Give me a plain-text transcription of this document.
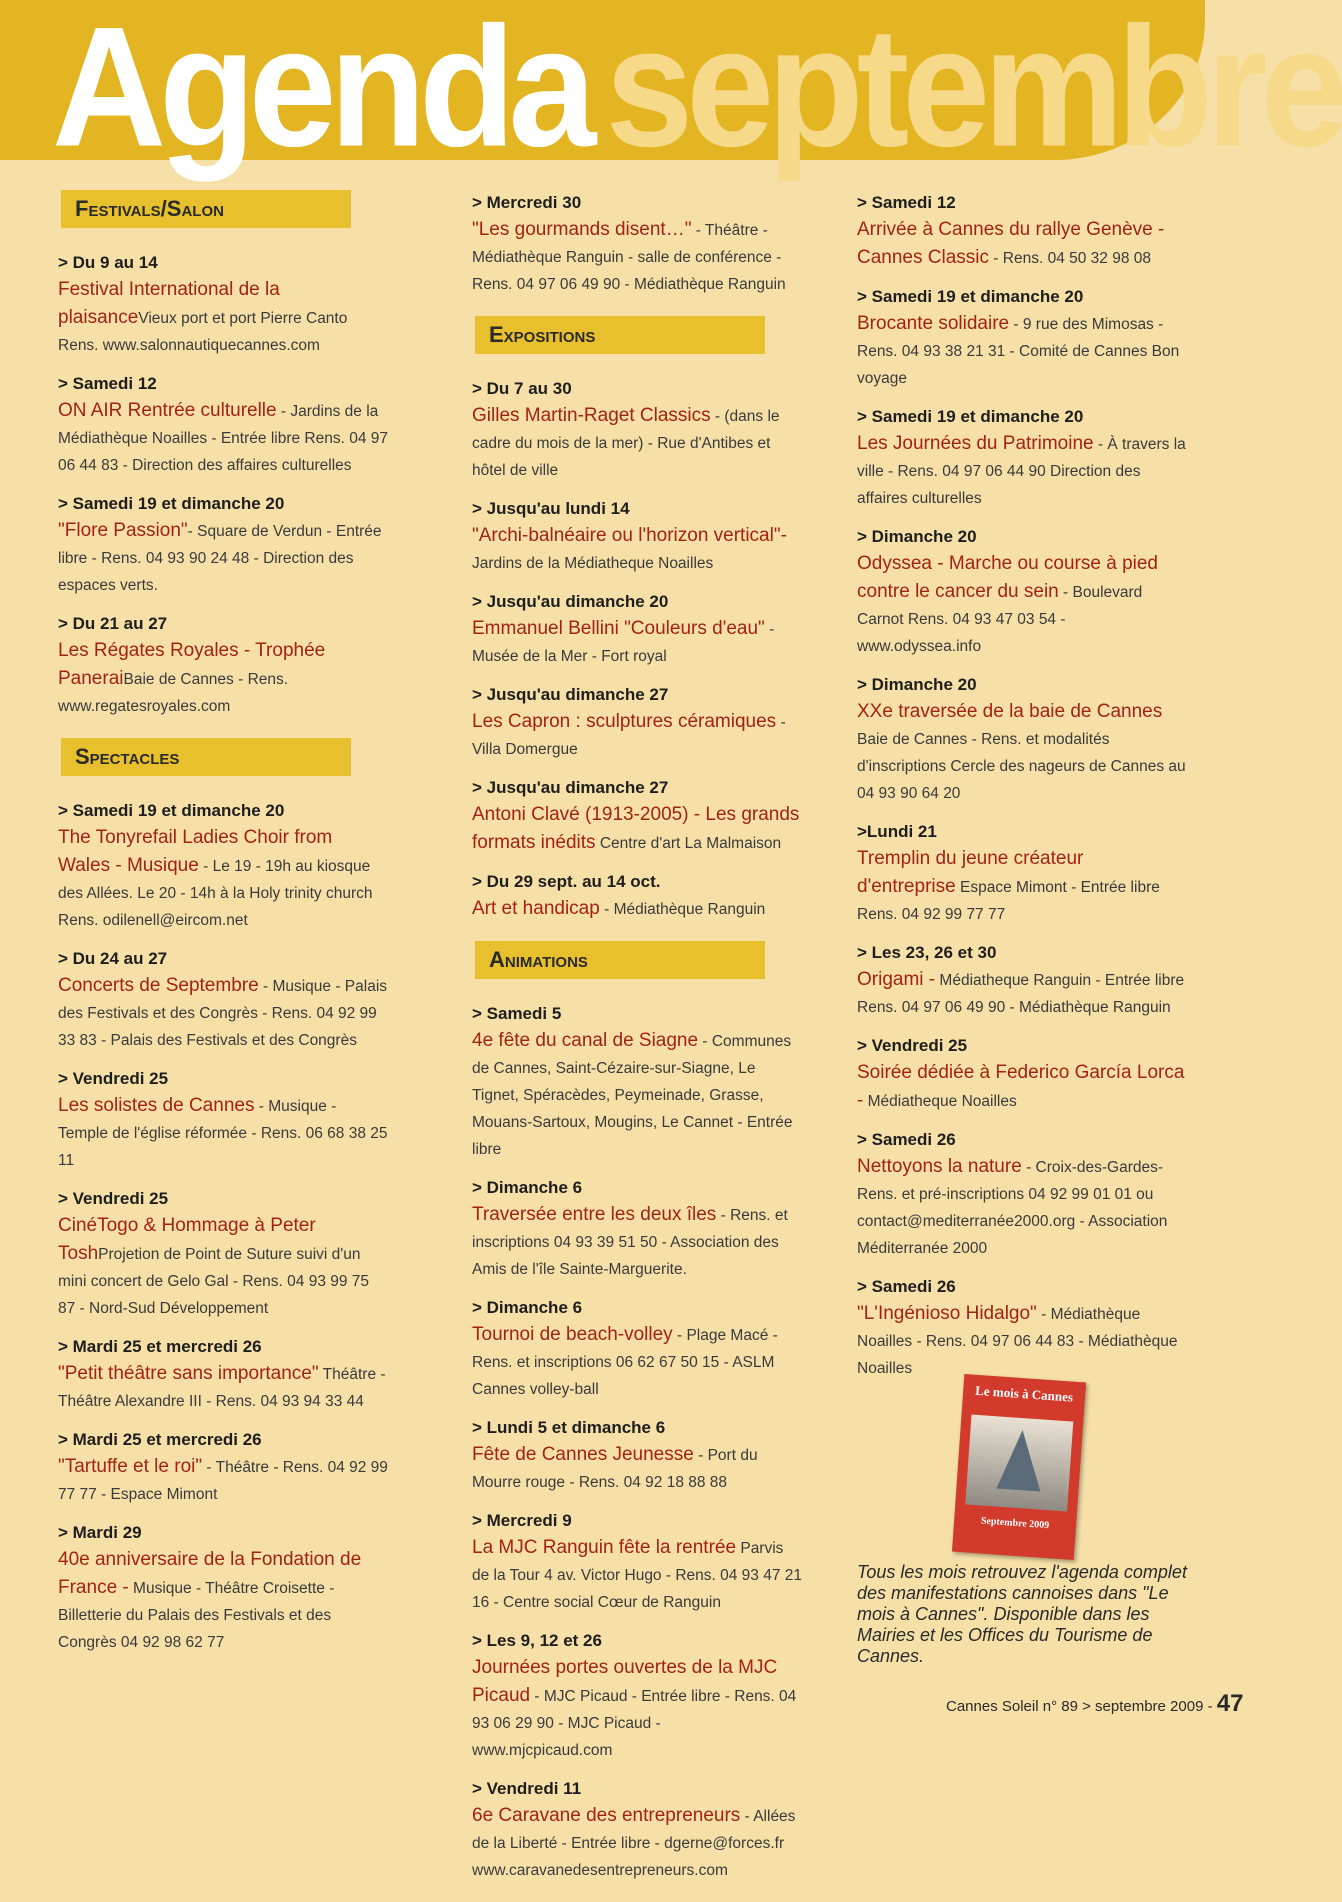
Agenda septembre
Festivals/Salon
> Du 9 au 14
Festival International de la plaisanceVieux port et port Pierre Canto Rens. www.salonnautiquecannes.com
> Samedi 12
ON AIR Rentrée culturelle - Jardins de la Médiathèque Noailles - Entrée libre Rens. 04 97 06 44 83 - Direction des affaires culturelles
> Samedi 19 et dimanche 20
"Flore Passion"- Square de Verdun - Entrée libre - Rens. 04 93 90 24 48 - Direction des espaces verts.
> Du 21 au 27
Les Régates Royales - Trophée PaneraiBaie de Cannes - Rens. www.regatesroyales.com
Spectacles
> Samedi 19 et dimanche 20
The Tonyrefail Ladies Choir from Wales - Musique - Le 19 - 19h au kiosque des Allées. Le 20 - 14h à la Holy trinity church Rens. odilenell@eircom.net
> Du 24 au 27
Concerts de Septembre - Musique - Palais des Festivals et des Congrès - Rens. 04 92 99 33 83 - Palais des Festivals et des Congrès
> Vendredi 25
Les solistes de Cannes - Musique - Temple de l'église réformée - Rens. 06 68 38 25 11
> Vendredi 25
CinéTogo & Hommage à Peter ToshProjetion de Point de Suture suivi d'un mini concert de Gelo Gal - Rens. 04 93 99 75 87 - Nord-Sud Développement
> Mardi 25 et mercredi 26
"Petit théâtre sans importance" Théâtre - Théâtre Alexandre III - Rens. 04 93 94 33 44
> Mardi 25 et mercredi 26
"Tartuffe et le roi" - Théâtre - Rens. 04 92 99 77 77 - Espace Mimont
> Mardi 29
40e anniversaire de la Fondation de France - Musique - Théâtre Croisette - Billetterie du Palais des Festivals et des Congrès 04 92 98 62 77
> Mercredi 30
"Les gourmands disent…" - Théâtre - Médiathèque Ranguin - salle de conférence - Rens. 04 97 06 49 90 - Médiathèque Ranguin
Expositions
> Du 7 au 30
Gilles Martin-Raget Classics - (dans le cadre du mois de la mer) - Rue d'Antibes et hôtel de ville
> Jusqu'au lundi 14
"Archi-balnéaire ou l'horizon vertical"- Jardins de la Médiatheque Noailles
> Jusqu'au dimanche 20
Emmanuel Bellini "Couleurs d'eau" - Musée de la Mer - Fort royal
> Jusqu'au dimanche 27
Les Capron : sculptures céramiques - Villa Domergue
> Jusqu'au dimanche 27
Antoni Clavé (1913-2005) - Les grands formats inédits Centre d'art La Malmaison
> Du 29 sept. au 14 oct.
Art et handicap - Médiathèque Ranguin
Animations
> Samedi 5
4e fête du canal de Siagne - Communes de Cannes, Saint-Cézaire-sur-Siagne, Le Tignet, Spéracèdes, Peymeinade, Grasse, Mouans-Sartoux, Mougins, Le Cannet - Entrée libre
> Dimanche 6
Traversée entre les deux îles - Rens. et inscriptions 04 93 39 51 50 - Association des Amis de l'île Sainte-Marguerite.
> Dimanche 6
Tournoi de beach-volley - Plage Macé - Rens. et inscriptions 06 62 67 50 15 - ASLM Cannes volley-ball
> Lundi 5 et dimanche 6
Fête de Cannes Jeunesse - Port du Mourre rouge - Rens. 04 92 18 88 88
> Mercredi 9
La MJC Ranguin fête la rentrée Parvis de la Tour 4 av. Victor Hugo - Rens. 04 93 47 21 16 - Centre social Cœur de Ranguin
> Les 9, 12 et 26
Journées portes ouvertes de la MJC Picaud - MJC Picaud - Entrée libre - Rens. 04 93 06 29 90 - MJC Picaud - www.mjcpicaud.com
> Vendredi 11
6e Caravane des entrepreneurs - Allées de la Liberté - Entrée libre - dgerne@forces.fr www.caravanedesentrepreneurs.com
> Samedi 12
Arrivée à Cannes du rallye Genève - Cannes Classic - Rens. 04 50 32 98 08
> Samedi 19 et dimanche 20
Brocante solidaire - 9 rue des Mimosas - Rens. 04 93 38 21 31 - Comité de Cannes Bon voyage
> Samedi 19 et dimanche 20
Les Journées du Patrimoine - À travers la ville - Rens. 04 97 06 44 90 Direction des affaires culturelles
> Dimanche 20
Odyssea - Marche ou course à pied contre le cancer du sein - Boulevard Carnot Rens. 04 93 47 03 54 - www.odyssea.info
> Dimanche 20
XXe traversée de la baie de Cannes Baie de Cannes - Rens. et modalités d'inscriptions Cercle des nageurs de Cannes au 04 93 90 64 20
>Lundi 21
Tremplin du jeune créateur d'entreprise Espace Mimont - Entrée libre Rens. 04 92 99 77 77
> Les 23, 26 et 30
Origami - Médiatheque Ranguin - Entrée libre Rens. 04 97 06 49 90 - Médiathèque Ranguin
> Vendredi 25
Soirée dédiée à Federico García Lorca - Médiatheque Noailles
> Samedi 26
Nettoyons la nature - Croix-des-Gardes- Rens. et pré-inscriptions 04 92 99 01 01 ou contact@mediterranée2000.org - Association Méditerranée 2000
> Samedi 26
"L'Ingénioso Hidalgo" - Médiathèque Noailles - Rens. 04 97 06 44 83 - Médiathèque Noailles
Le mois à Cannes
Septembre 2009
Tous les mois retrouvez l'agenda complet des manifestations cannoises dans "Le mois à Cannes". Disponible dans les Mairies et les Offices du Tourisme de Cannes.
Cannes Soleil n° 89 > septembre 2009 - 47
